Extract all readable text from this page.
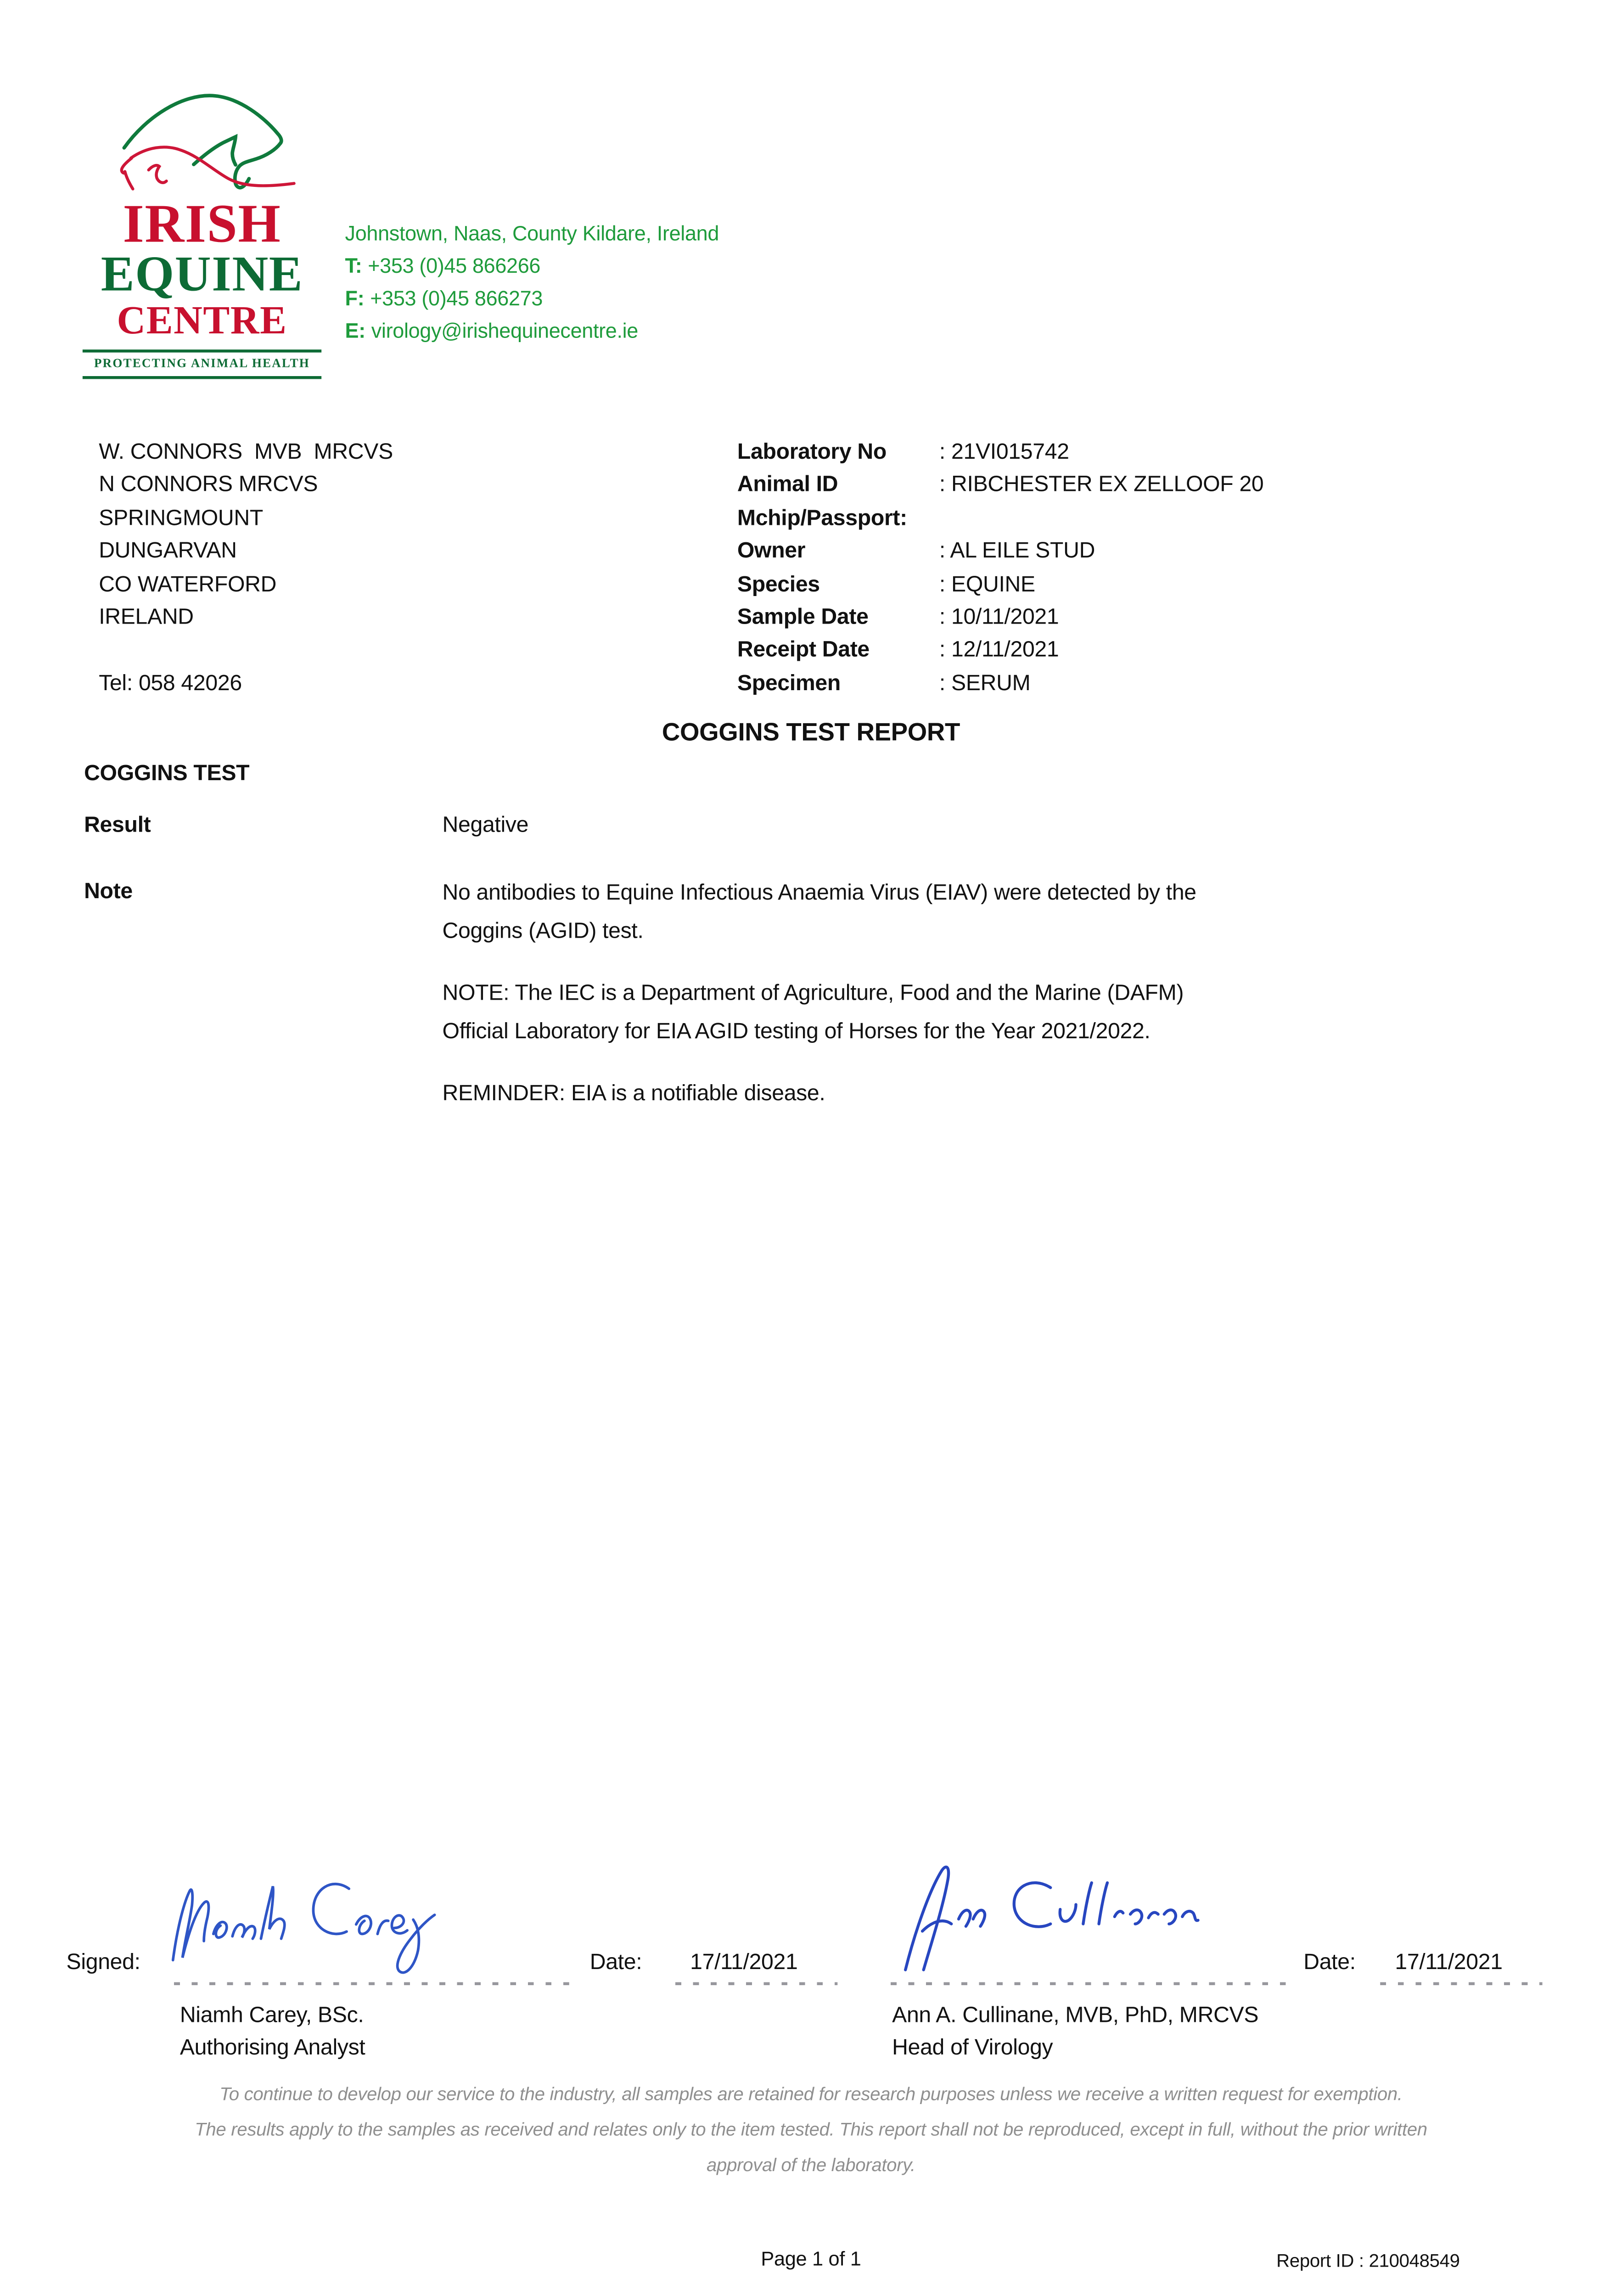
IRISH
EQUINE
CENTRE
PROTECTING ANIMAL HEALTH
Johnstown, Naas, County Kildare, Ireland
T: +353 (0)45 866266
F: +353 (0)45 866273
E: virology@irishequinecentre.ie
W. CONNORS  MVB  MRCVS
N CONNORS MRCVS
SPRINGMOUNT
DUNGARVAN
CO WATERFORD
IRELAND
Tel: 058 42026
Laboratory No	: 21VI015742
Animal ID	: RIBCHESTER EX ZELLOOF 20
Mchip/Passport:
Owner	: AL EILE STUD
Species	: EQUINE
Sample Date	: 10/11/2021
Receipt Date	: 12/11/2021
Specimen	: SERUM
COGGINS TEST REPORT
COGGINS TEST
Result	Negative
Note	No antibodies to Equine Infectious Anaemia Virus (EIAV) were detected by the Coggins (AGID) test.

NOTE: The IEC is a Department of Agriculture, Food and the Marine (DAFM) Official Laboratory for EIA AGID testing of Horses for the Year 2021/2022.

REMINDER: EIA is a notifiable disease.

Signed:	Date:	17/11/2021	Date:	17/11/2021
Niamh Carey, BSc.
Authorising Analyst
Ann A. Cullinane, MVB, PhD, MRCVS
Head of Virology

To continue to develop our service to the industry, all samples are retained for research purposes unless we receive a written request for exemption.

The results apply to the samples as received and relates only to the item tested. This report shall not be reproduced, except in full, without the prior written approval of the laboratory.

Page 1 of 1	Report ID : 210048549
